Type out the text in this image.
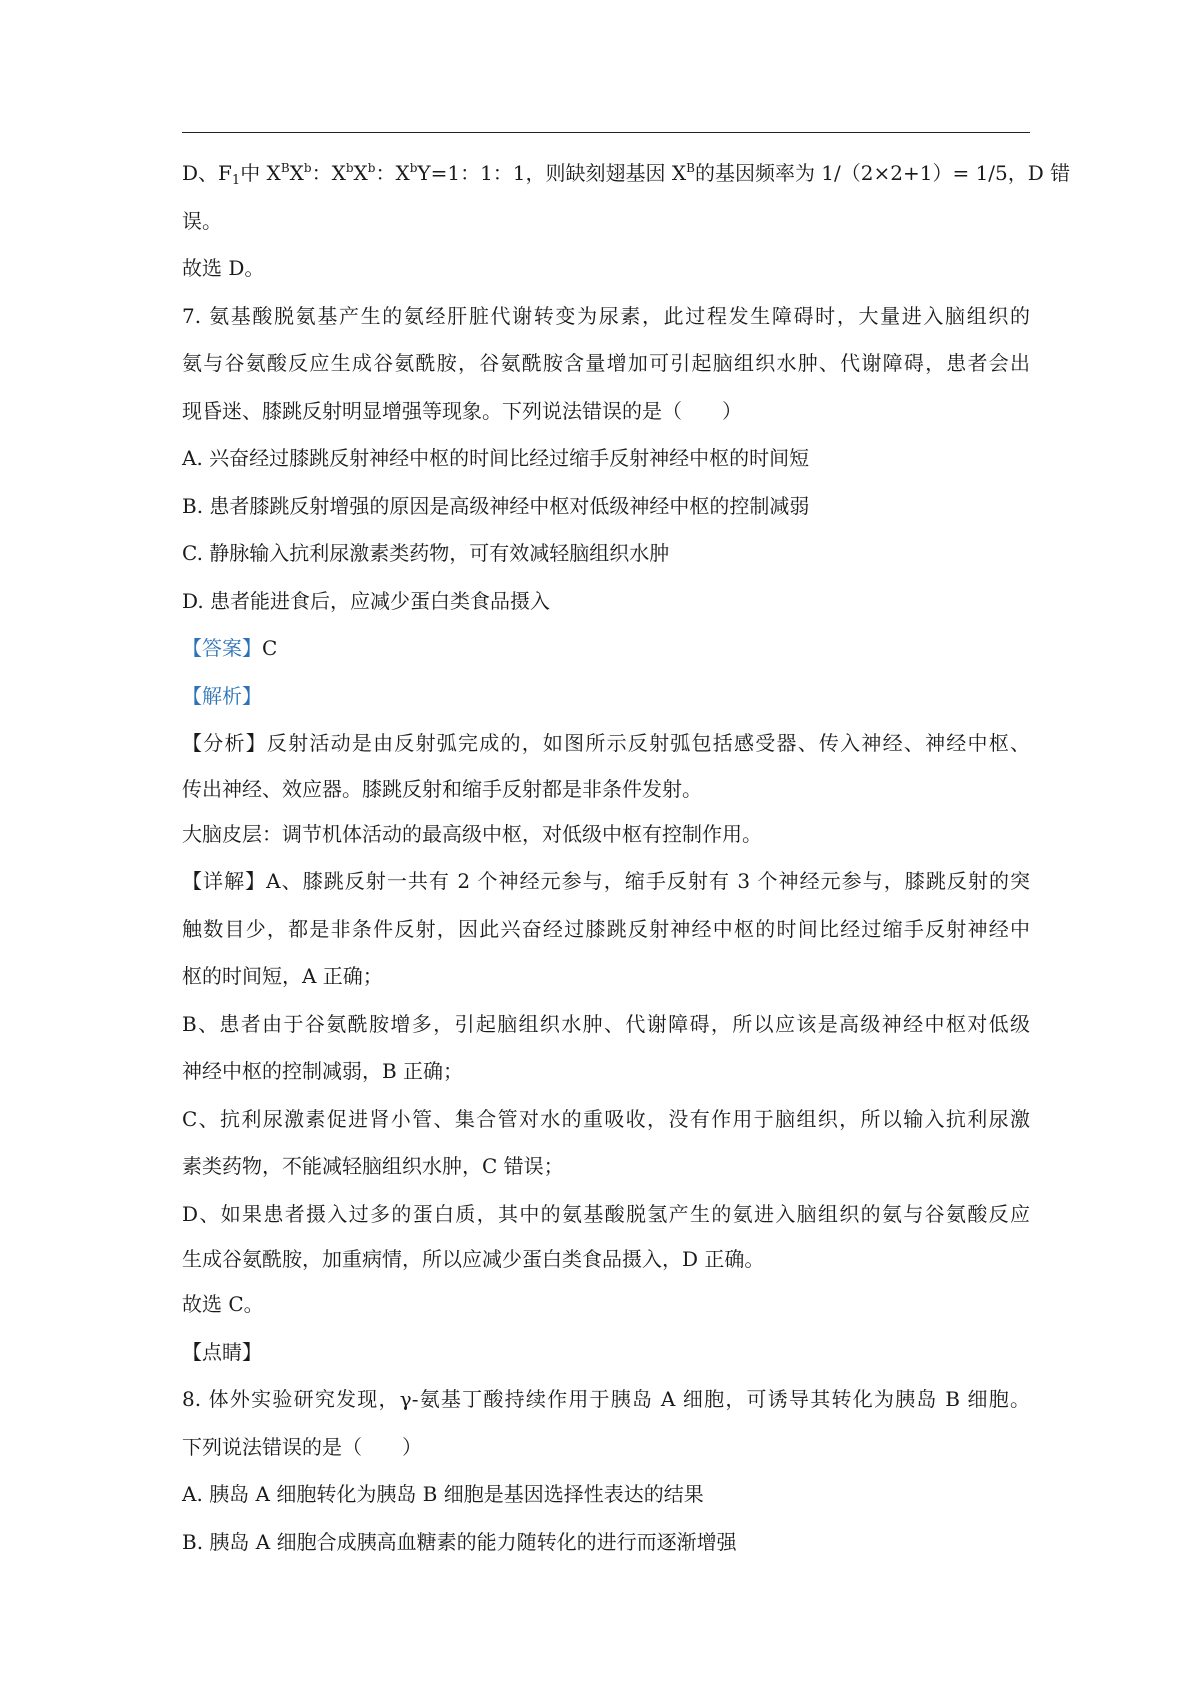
D、$F_1$中 $X^BX^b$：$X^bX^b$：$X^bY=1$：1：1，则缺刻翅基因 $X^B$的基因频率为 1/（2×2+1）= 1/5，D 错
误。
故选 D。
7. 氨基酸脱氨基产生的氨经肝脏代谢转变为尿素，此过程发生障碍时，大量进入脑组织的
氨与谷氨酸反应生成谷氨酰胺，谷氨酰胺含量增加可引起脑组织水肿、代谢障碍，患者会出
现昏迷、膝跳反射明显增强等现象。下列说法错误的是（　　）
A. 兴奋经过膝跳反射神经中枢的时间比经过缩手反射神经中枢的时间短
B. 患者膝跳反射增强的原因是高级神经中枢对低级神经中枢的控制减弱
C. 静脉输入抗利尿激素类药物，可有效减轻脑组织水肿
D. 患者能进食后，应减少蛋白类食品摄入
【答案】C
【解析】
【分析】反射活动是由反射弧完成的，如图所示反射弧包括感受器、传入神经、神经中枢、
传出神经、效应器。膝跳反射和缩手反射都是非条件发射。
大脑皮层：调节机体活动的最高级中枢，对低级中枢有控制作用。
【详解】A、膝跳反射一共有 2 个神经元参与，缩手反射有 3 个神经元参与，膝跳反射的突
触数目少，都是非条件反射，因此兴奋经过膝跳反射神经中枢的时间比经过缩手反射神经中
枢的时间短，A 正确；
B、患者由于谷氨酰胺增多，引起脑组织水肿、代谢障碍，所以应该是高级神经中枢对低级
神经中枢的控制减弱，B 正确；
C、抗利尿激素促进肾小管、集合管对水的重吸收，没有作用于脑组织，所以输入抗利尿激
素类药物，不能减轻脑组织水肿，C 错误；
D、如果患者摄入过多的蛋白质，其中的氨基酸脱氢产生的氨进入脑组织的氨与谷氨酸反应
生成谷氨酰胺，加重病情，所以应减少蛋白类食品摄入，D 正确。
故选 C。
【点睛】
8. 体外实验研究发现，γ-氨基丁酸持续作用于胰岛 A 细胞，可诱导其转化为胰岛 B 细胞。
下列说法错误的是（　　）
A. 胰岛 A 细胞转化为胰岛 B 细胞是基因选择性表达的结果
B. 胰岛 A 细胞合成胰高血糖素的能力随转化的进行而逐渐增强
